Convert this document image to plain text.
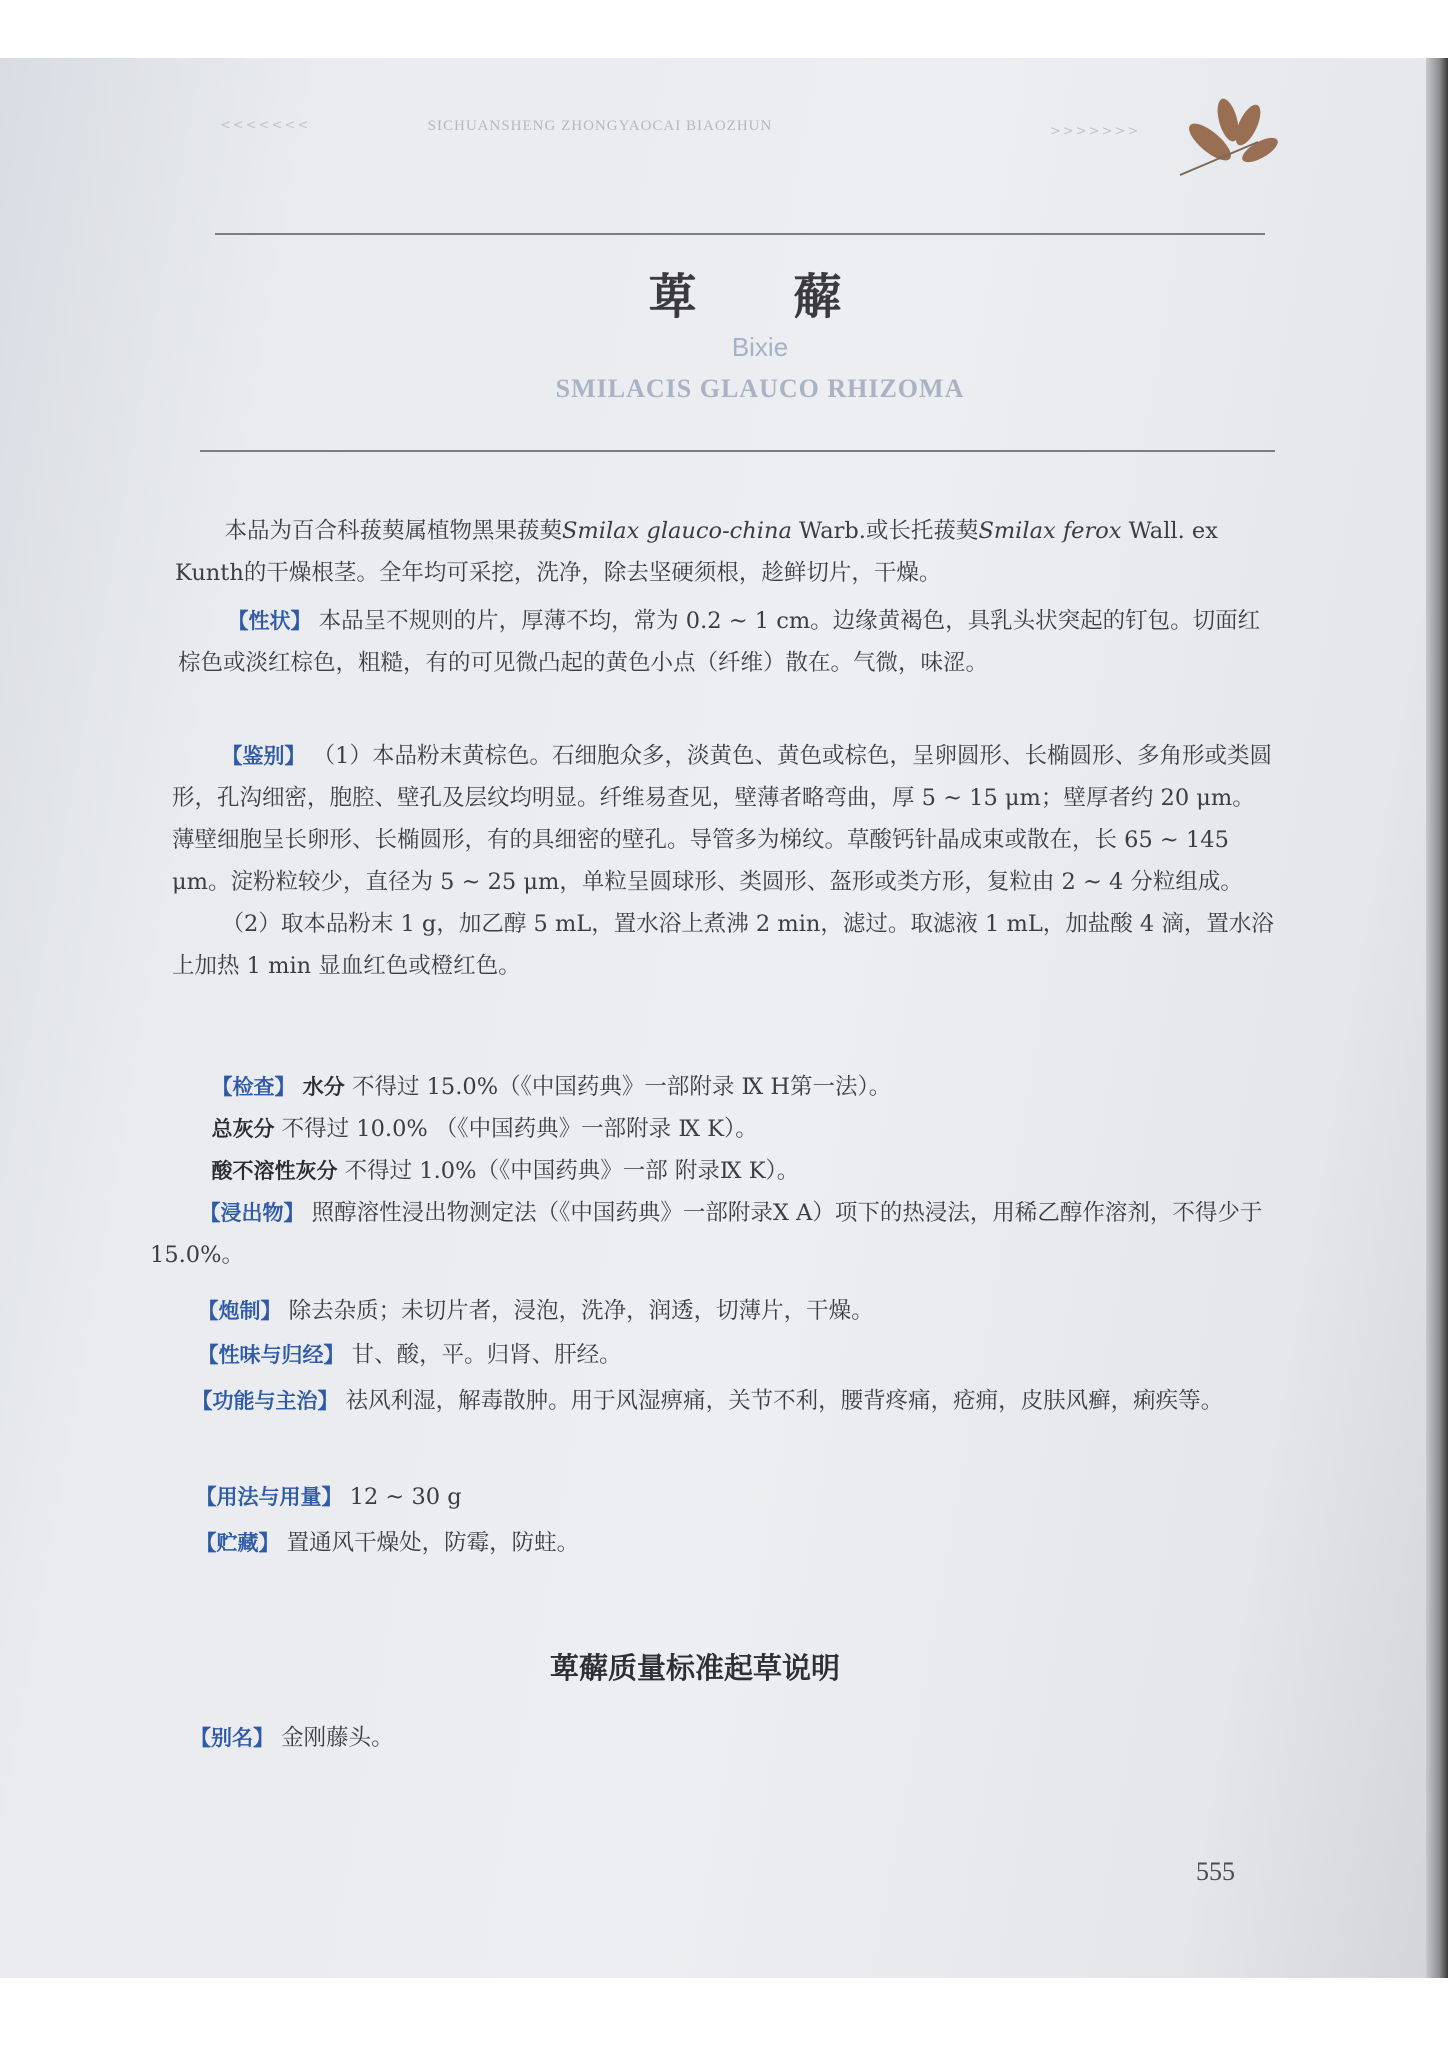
<<<<<<<	SICHUANSHENG ZHONGYAOCAI BIAOZHUN	>>>>>>>
萆 薢
Bixie
SMILACIS GLAUCO RHIZOMA

本品为百合科菝葜属植物黑果菝葜Smilax glauco-china Warb.或长托菝葜Smilax ferox Wall. ex Kunth的干燥根茎。全年均可采挖，洗净，除去坚硬须根，趁鲜切片，干燥。

【性状】 本品呈不规则的片，厚薄不均，常为 0.2 ~ 1 cm。边缘黄褐色，具乳头状突起的钉包。切面红棕色或淡红棕色，粗糙，有的可见微凸起的黄色小点（纤维）散在。气微，味涩。

【鉴别】 （1）本品粉末黄棕色。石细胞众多，淡黄色、黄色或棕色，呈卵圆形、长椭圆形、多角形或类圆形，孔沟细密，胞腔、壁孔及层纹均明显。纤维易查见，壁薄者略弯曲，厚 5 ~ 15 μm；壁厚者约 20 μm。薄壁细胞呈长卵形、长椭圆形，有的具细密的壁孔。导管多为梯纹。草酸钙针晶成束或散在，长 65 ~ 145 μm。淀粉粒较少，直径为 5 ~ 25 μm，单粒呈圆球形、类圆形、盔形或类方形，复粒由 2 ~ 4 分粒组成。

（2）取本品粉末 1 g，加乙醇 5 mL，置水浴上煮沸 2 min，滤过。取滤液 1 mL，加盐酸 4 滴，置水浴上加热 1 min 显血红色或橙红色。

【检查】 水分 不得过 15.0%（《中国药典》一部附录 Ⅸ H第一法）。

总灰分 不得过 10.0% （《中国药典》一部附录 Ⅸ K）。

酸不溶性灰分 不得过 1.0%（《中国药典》一部 附录Ⅸ K）。

【浸出物】 照醇溶性浸出物测定法（《中国药典》一部附录X A）项下的热浸法，用稀乙醇作溶剂，不得少于 15.0%。

【炮制】 除去杂质；未切片者，浸泡，洗净，润透，切薄片，干燥。

【性味与归经】 甘、酸，平。归肾、肝经。

【功能与主治】 祛风利湿，解毒散肿。用于风湿痹痛，关节不利，腰背疼痛，疮痈，皮肤风癣，痢疾等。

【用法与用量】 12 ~ 30 g

【贮藏】 置通风干燥处，防霉，防蛀。

萆薢质量标准起草说明
【别名】 金刚藤头。
555
